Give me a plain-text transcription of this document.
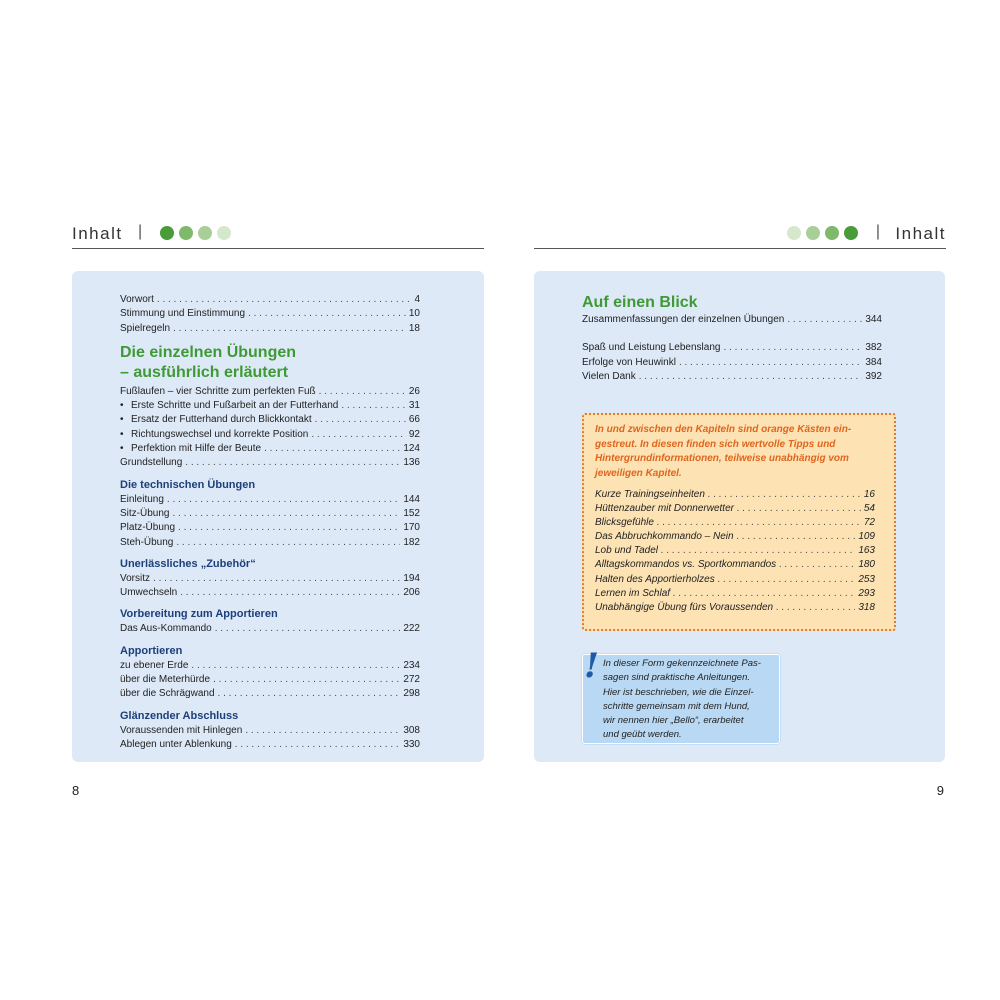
Inhalt |
Vorwort . . .	4
Stimmung und Einstimmung . . .	10
Spielregeln . . .	18
Die einzelnen Übungen
– ausführlich erläutert
Fußlaufen – vier Schritte zum perfekten Fuß . . .	26
• Erste Schritte und Fußarbeit an der Futterhand . . .	31
• Ersatz der Futterhand durch Blickkontakt . . .	66
• Richtungswechsel und korrekte Position . . .	92
• Perfektion mit Hilfe der Beute . . .	124
Grundstellung . . .	136
Die technischen Übungen
Einleitung . . .	144
Sitz-Übung . . .	152
Platz-Übung . . .	170
Steh-Übung . . .	182
Unerlässliches „Zubehör“
Vorsitz . . .	194
Umwechseln . . .	206
Vorbereitung zum Apportieren
Das Aus-Kommando . . .	222
Apportieren
zu ebener Erde . . .	234
über die Meterhürde . . .	272
über die Schrägwand . . .	298
Glänzender Abschluss
Voraussenden mit Hinlegen . . .	308
Ablegen unter Ablenkung . . .	330
8
| Inhalt
Auf einen Blick
Zusammenfassungen der einzelnen Übungen . . .	344
Spaß und Leistung Lebenslang . . .	382
Erfolge von Heuwinkl . . .	384
Vielen Dank . . .	392
In und zwischen den Kapiteln sind orange Kästen ein-
gestreut. In diesen finden sich wertvolle Tipps und
Hintergrundinformationen, teilweise unabhängig vom
jeweiligen Kapitel.
Kurze Trainingseinheiten . . .	16
Hüttenzauber mit Donnerwetter . . .	54
Blicksgefühle . . .	72
Das Abbruchkommando – Nein . . .	109
Lob und Tadel . . .	163
Alltagskommandos vs. Sportkommandos . . .	180
Halten des Apportierholzes . . .	253
Lernen im Schlaf . . .	293
Unabhängige Übung fürs Voraussenden . . .	318
! In dieser Form gekennzeichnete Pas-
sagen sind praktische Anleitungen.
Hier ist beschrieben, wie die Einzel-
schritte gemeinsam mit dem Hund,
wir nennen hier „Bello“, erarbeitet
und geübt werden.
9
